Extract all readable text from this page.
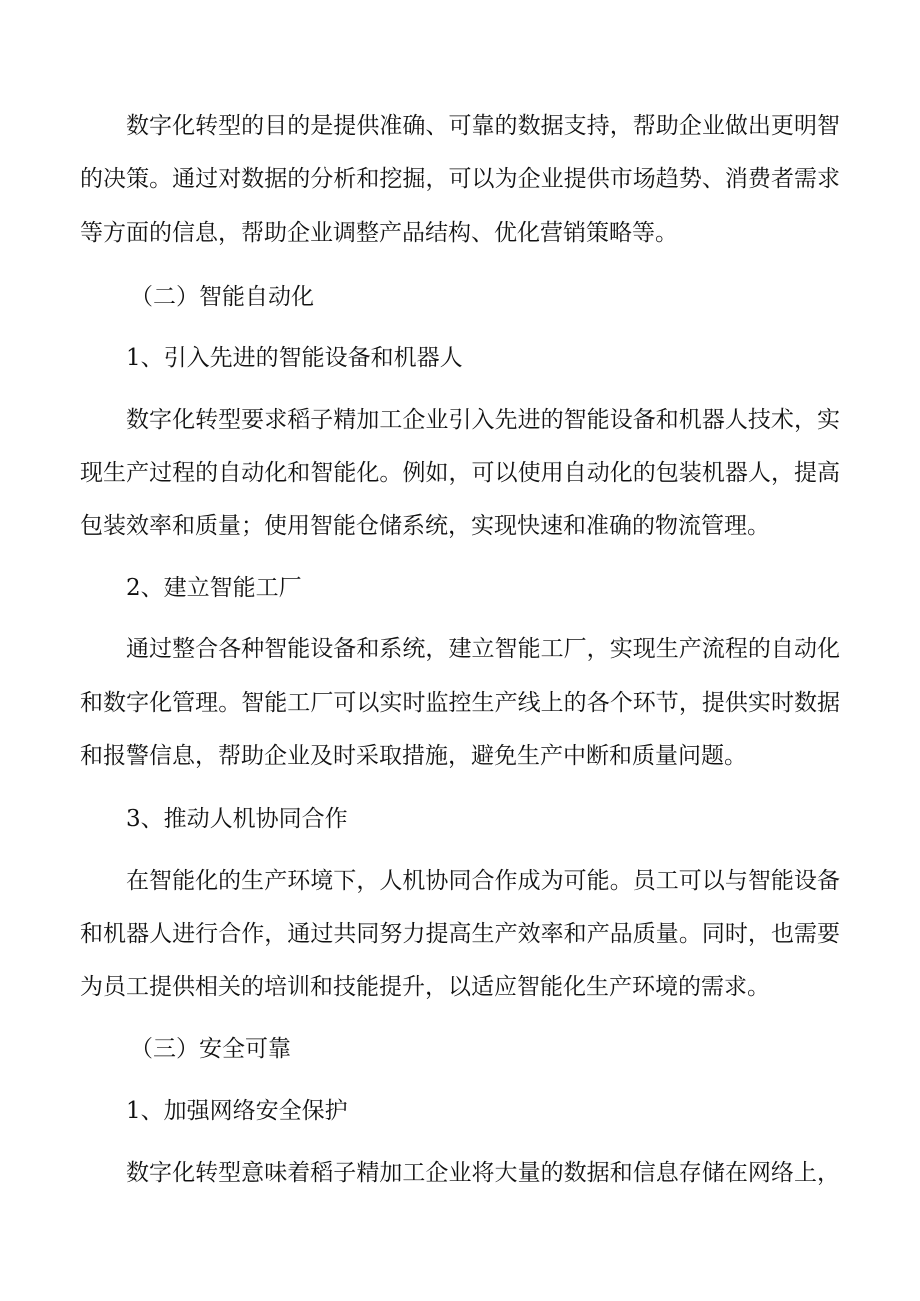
数字化转型的目的是提供准确、可靠的数据支持，帮助企业做出更明智
的决策。通过对数据的分析和挖掘，可以为企业提供市场趋势、消费者需求
等方面的信息，帮助企业调整产品结构、优化营销策略等。
（二）智能自动化
1、引入先进的智能设备和机器人
数字化转型要求稻子精加工企业引入先进的智能设备和机器人技术，实
现生产过程的自动化和智能化。例如，可以使用自动化的包装机器人，提高
包装效率和质量；使用智能仓储系统，实现快速和准确的物流管理。
2、建立智能工厂
通过整合各种智能设备和系统，建立智能工厂，实现生产流程的自动化
和数字化管理。智能工厂可以实时监控生产线上的各个环节，提供实时数据
和报警信息，帮助企业及时采取措施，避免生产中断和质量问题。
3、推动人机协同合作
在智能化的生产环境下，人机协同合作成为可能。员工可以与智能设备
和机器人进行合作，通过共同努力提高生产效率和产品质量。同时，也需要
为员工提供相关的培训和技能提升，以适应智能化生产环境的需求。
（三）安全可靠
1、加强网络安全保护
数字化转型意味着稻子精加工企业将大量的数据和信息存储在网络上，
